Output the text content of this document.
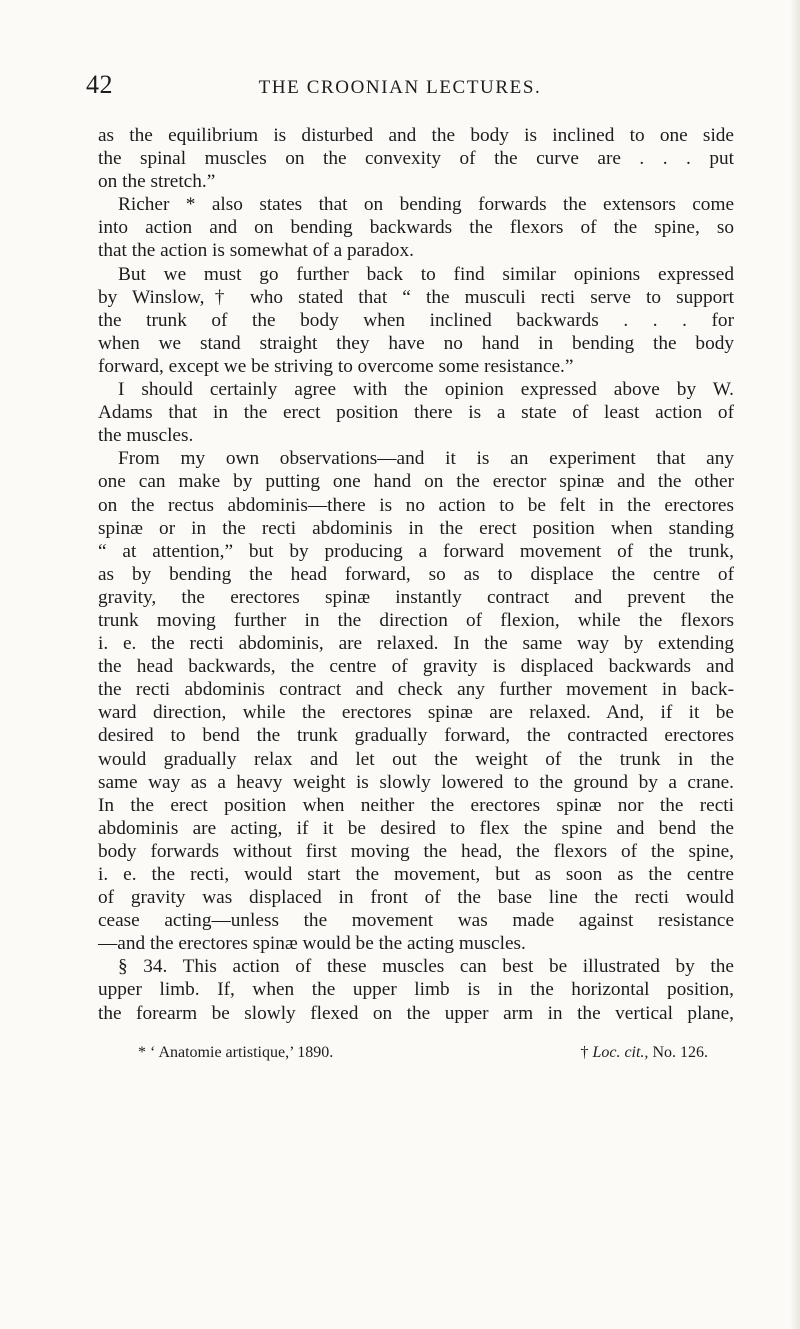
42	THE CROONIAN LECTURES.
as the equilibrium is disturbed and the body is inclined to one side
the spinal muscles on the convexity of the curve are . . . put
on the stretch.”
Richer * also states that on bending forwards the extensors come
into action and on bending backwards the flexors of the spine, so
that the action is somewhat of a paradox.
But we must go further back to find similar opinions expressed
by Winslow,† who stated that “ the musculi recti serve to support
the trunk of the body when inclined backwards . . . for
when we stand straight they have no hand in bending the body
forward, except we be striving to overcome some resistance.”
I should certainly agree with the opinion expressed above by W.
Adams that in the erect position there is a state of least action of
the muscles.
From my own observations—and it is an experiment that any
one can make by putting one hand on the erector spinæ and the other
on the rectus abdominis—there is no action to be felt in the erectores
spinæ or in the recti abdominis in the erect position when standing
“ at attention,” but by producing a forward movement of the trunk,
as by bending the head forward, so as to displace the centre of
gravity, the erectores spinæ instantly contract and prevent the
trunk moving further in the direction of flexion, while the flexors
i. e. the recti abdominis, are relaxed. In the same way by extending
the head backwards, the centre of gravity is displaced backwards and
the recti abdominis contract and check any further movement in back-
ward direction, while the erectores spinæ are relaxed. And, if it be
desired to bend the trunk gradually forward, the contracted erectores
would gradually relax and let out the weight of the trunk in the
same way as a heavy weight is slowly lowered to the ground by a crane.
In the erect position when neither the erectores spinæ nor the recti
abdominis are acting, if it be desired to flex the spine and bend the
body forwards without first moving the head, the flexors of the spine,
i. e. the recti, would start the movement, but as soon as the centre
of gravity was displaced in front of the base line the recti would
cease acting—unless the movement was made against resistance
—and the erectores spinæ would be the acting muscles.
§ 34. This action of these muscles can best be illustrated by the
upper limb. If, when the upper limb is in the horizontal position,
the forearm be slowly flexed on the upper arm in the vertical plane,
* ‘ Anatomie artistique,’ 1890.	† Loc. cit., No. 126.
